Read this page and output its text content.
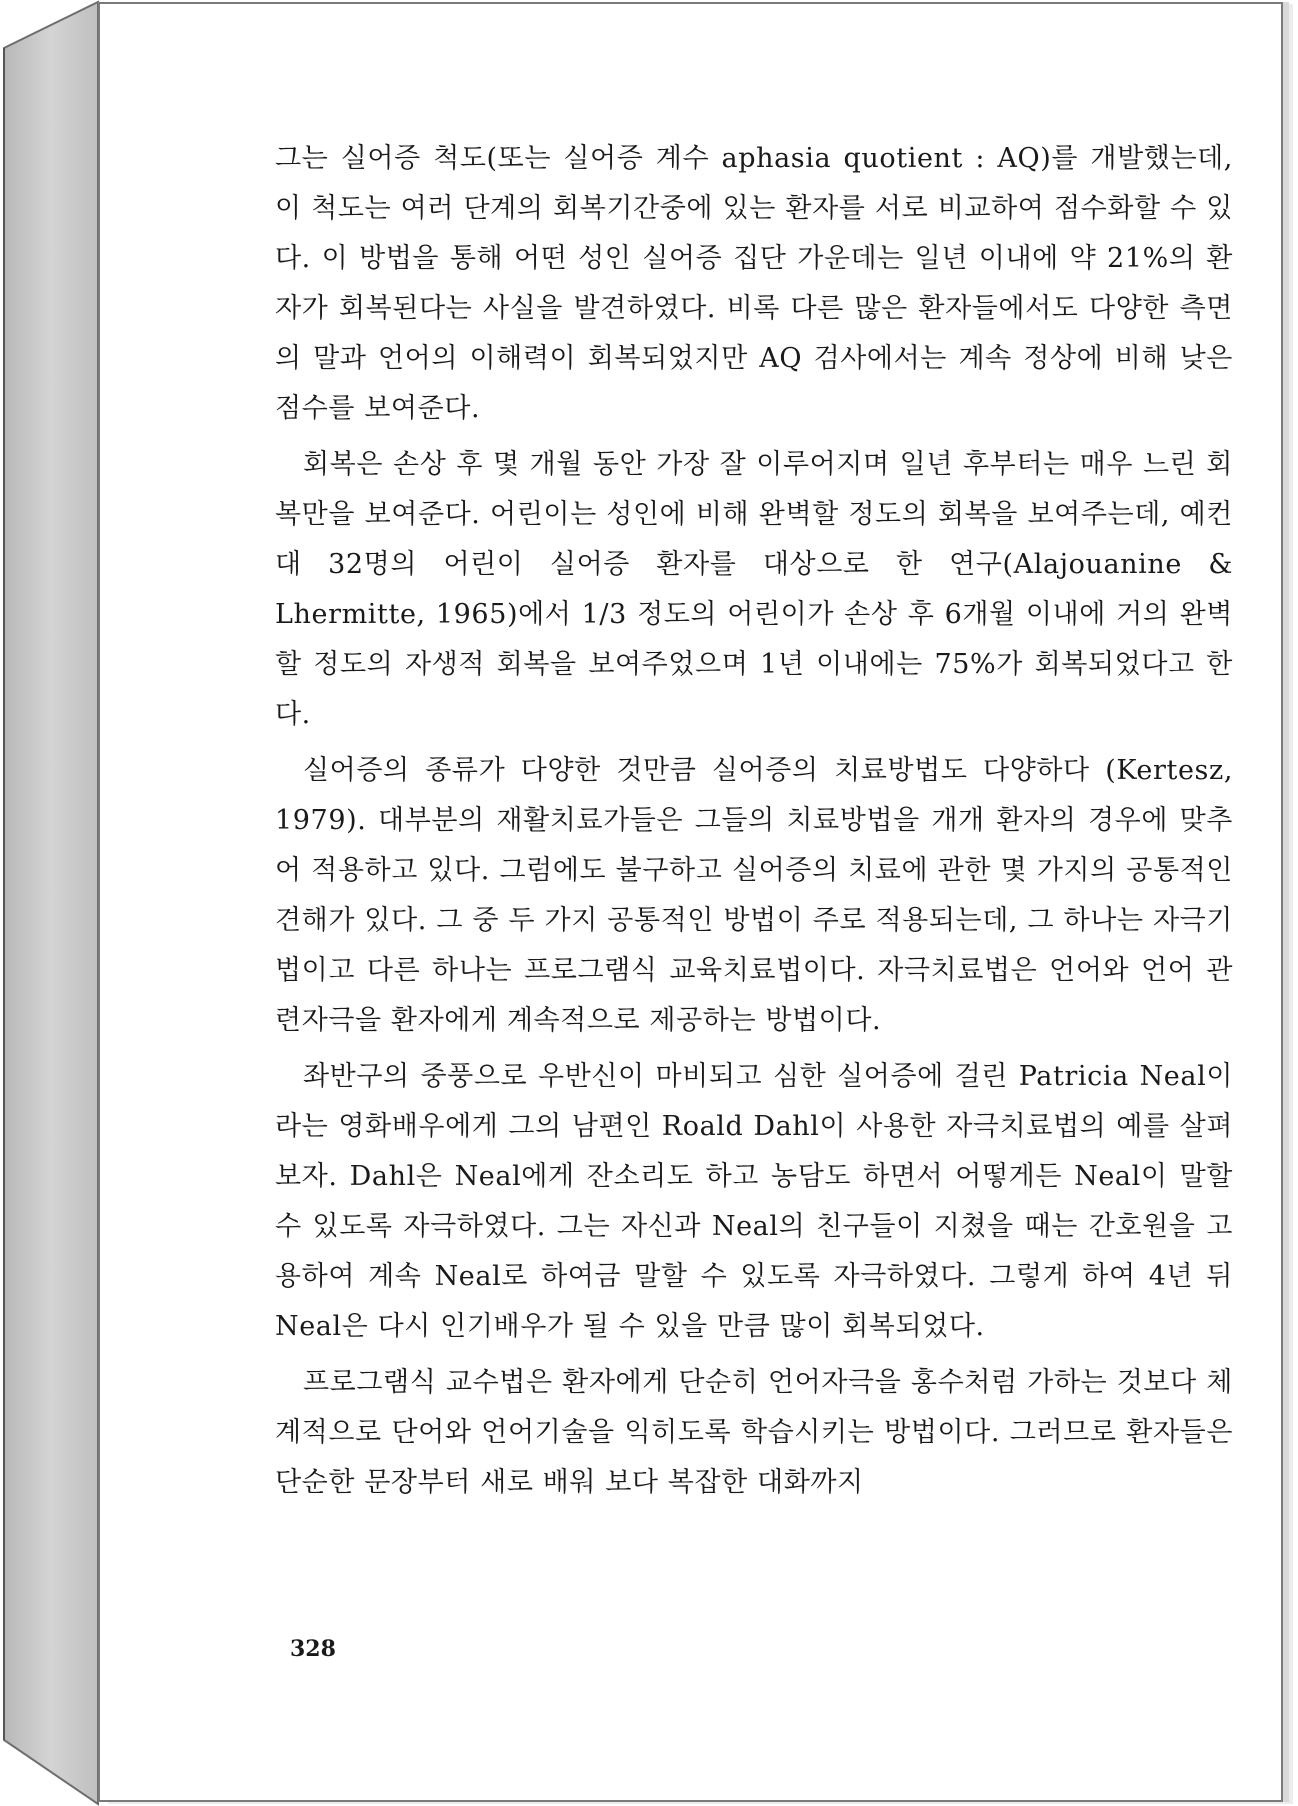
그는 실어증 척도(또는 실어증 계수 aphasia quotient : AQ)를 개발했는데, 이 척도는 여러 단계의 회복기간중에 있는 환자를 서로 비교하여 점수화할 수 있다. 이 방법을 통해 어떤 성인 실어증 집단 가운데는 일년 이내에 약 21%의 환자가 회복된다는 사실을 발견하였다. 비록 다른 많은 환자들에서도 다양한 측면의 말과 언어의 이해력이 회복되었지만 AQ 검사에서는 계속 정상에 비해 낮은 점수를 보여준다.

회복은 손상 후 몇 개월 동안 가장 잘 이루어지며 일년 후부터는 매우 느린 회복만을 보여준다. 어린이는 성인에 비해 완벽할 정도의 회복을 보여주는데, 예컨대 32명의 어린이 실어증 환자를 대상으로 한 연구(Alajouanine & Lhermitte, 1965)에서 1/3 정도의 어린이가 손상 후 6개월 이내에 거의 완벽할 정도의 자생적 회복을 보여주었으며 1년 이내에는 75%가 회복되었다고 한다.

실어증의 종류가 다양한 것만큼 실어증의 치료방법도 다양하다 (Kertesz, 1979). 대부분의 재활치료가들은 그들의 치료방법을 개개 환자의 경우에 맞추어 적용하고 있다. 그럼에도 불구하고 실어증의 치료에 관한 몇 가지의 공통적인 견해가 있다. 그 중 두 가지 공통적인 방법이 주로 적용되는데, 그 하나는 자극기법이고 다른 하나는 프로그램식 교육치료법이다. 자극치료법은 언어와 언어 관련자극을 환자에게 계속적으로 제공하는 방법이다.

좌반구의 중풍으로 우반신이 마비되고 심한 실어증에 걸린 Patricia Neal이라는 영화배우에게 그의 남편인 Roald Dahl이 사용한 자극치료법의 예를 살펴보자. Dahl은 Neal에게 잔소리도 하고 농담도 하면서 어떻게든 Neal이 말할 수 있도록 자극하였다. 그는 자신과 Neal의 친구들이 지쳤을 때는 간호원을 고용하여 계속 Neal로 하여금 말할 수 있도록 자극하였다. 그렇게 하여 4년 뒤 Neal은 다시 인기배우가 될 수 있을 만큼 많이 회복되었다.

프로그램식 교수법은 환자에게 단순히 언어자극을 홍수처럼 가하는 것보다 체계적으로 단어와 언어기술을 익히도록 학습시키는 방법이다. 그러므로 환자들은 단순한 문장부터 새로 배워 보다 복잡한 대화까지

328
